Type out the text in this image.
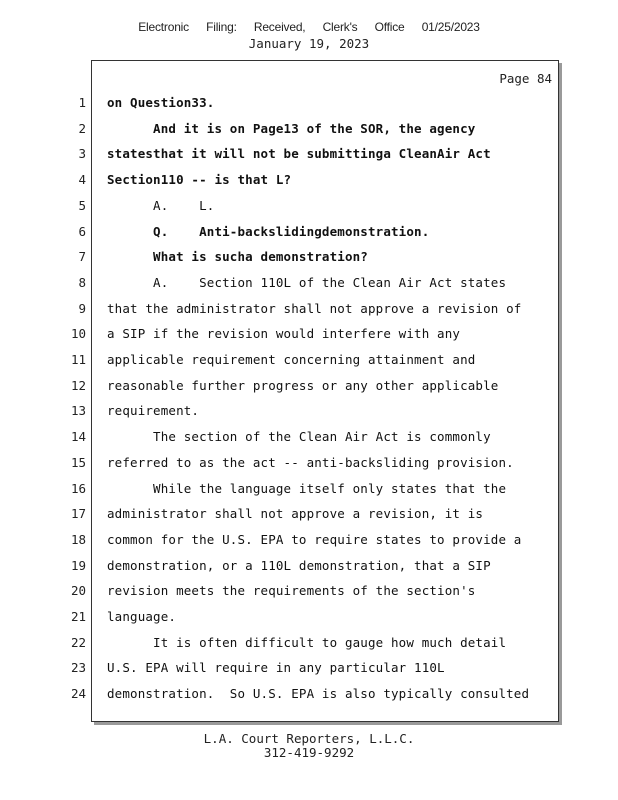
Electronic Filing: Received, Clerk's Office 01/25/2023
January 19, 2023
Page 84
1 on Question33.
2 And it is on Page13 of the SOR, the agency
3 statesthat it will not be submittinga CleanAir Act
4 Section110 -- is that L?
5 A.    L.
6 Q.    Anti-backslidingdemonstration.
7 What is sucha demonstration?
8 A.    Section 110L of the Clean Air Act states
9 that the administrator shall not approve a revision of
10 a SIP if the revision would interfere with any
11 applicable requirement concerning attainment and
12 reasonable further progress or any other applicable
13 requirement.
14 The section of the Clean Air Act is commonly
15 referred to as the act -- anti-backsliding provision.
16 While the language itself only states that the
17 administrator shall not approve a revision, it is
18 common for the U.S. EPA to require states to provide a
19 demonstration, or a 110L demonstration, that a SIP
20 revision meets the requirements of the section's
21 language.
22 It is often difficult to gauge how much detail
23 U.S. EPA will require in any particular 110L
24 demonstration.  So U.S. EPA is also typically consulted
L.A. Court Reporters, L.L.C.
312-419-9292
